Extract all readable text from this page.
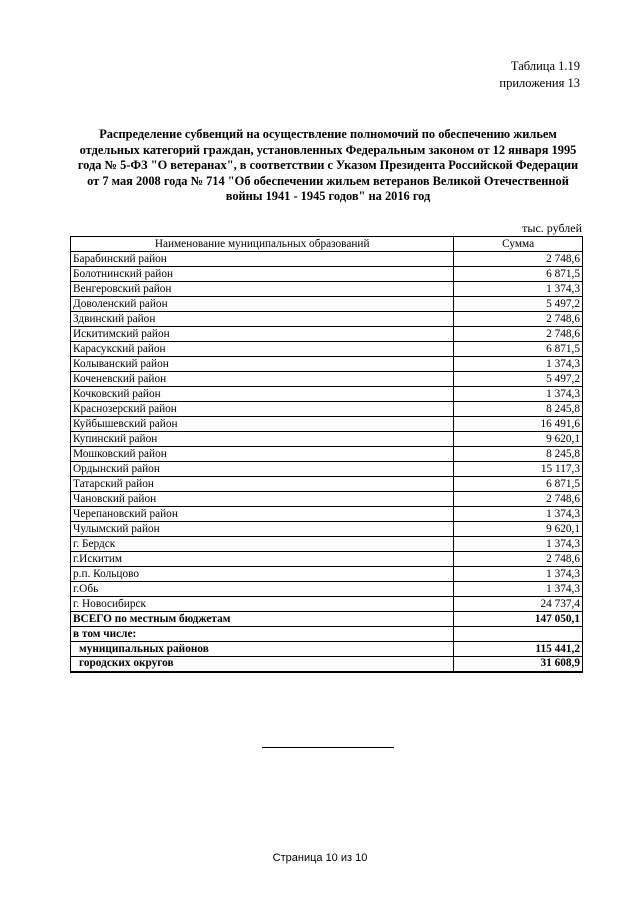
Таблица 1.19
приложения 13
Распределение субвенций на осуществление полномочий по обеспечению жильем
отдельных категорий граждан, установленных Федеральным законом от 12 января 1995
года № 5-ФЗ "О ветеранах", в соответствии с Указом Президента Российской Федерации
от 7 мая 2008 года № 714 "Об обеспечении жильем ветеранов Великой Отечественной
войны 1941 - 1945 годов" на 2016 год
тыс. рублей
Наименование муниципальных образований	Сумма
Барабинский район	2 748,6
Болотнинский район	6 871,5
Венгеровский район	1 374,3
Доволенский район	5 497,2
Здвинский район	2 748,6
Искитимский район	2 748,6
Карасукский район	6 871,5
Колыванский район	1 374,3
Коченевский район	5 497,2
Кочковский район	1 374,3
Краснозерский район	8 245,8
Куйбышевский район	16 491,6
Купинский район	9 620,1
Мошковский район	8 245,8
Ордынский район	15 117,3
Татарский район	6 871,5
Чановский район	2 748,6
Черепановский район	1 374,3
Чулымский район	9 620,1
г. Бердск	1 374,3
г.Искитим	2 748,6
р.п. Кольцово	1 374,3
г.Обь	1 374,3
г. Новосибирск	24 737,4
ВСЕГО по местным бюджетам	147 050,1
в том числе:	
муниципальных районов	115 441,2
городских округов	31 608,9
Страница 10 из 10
